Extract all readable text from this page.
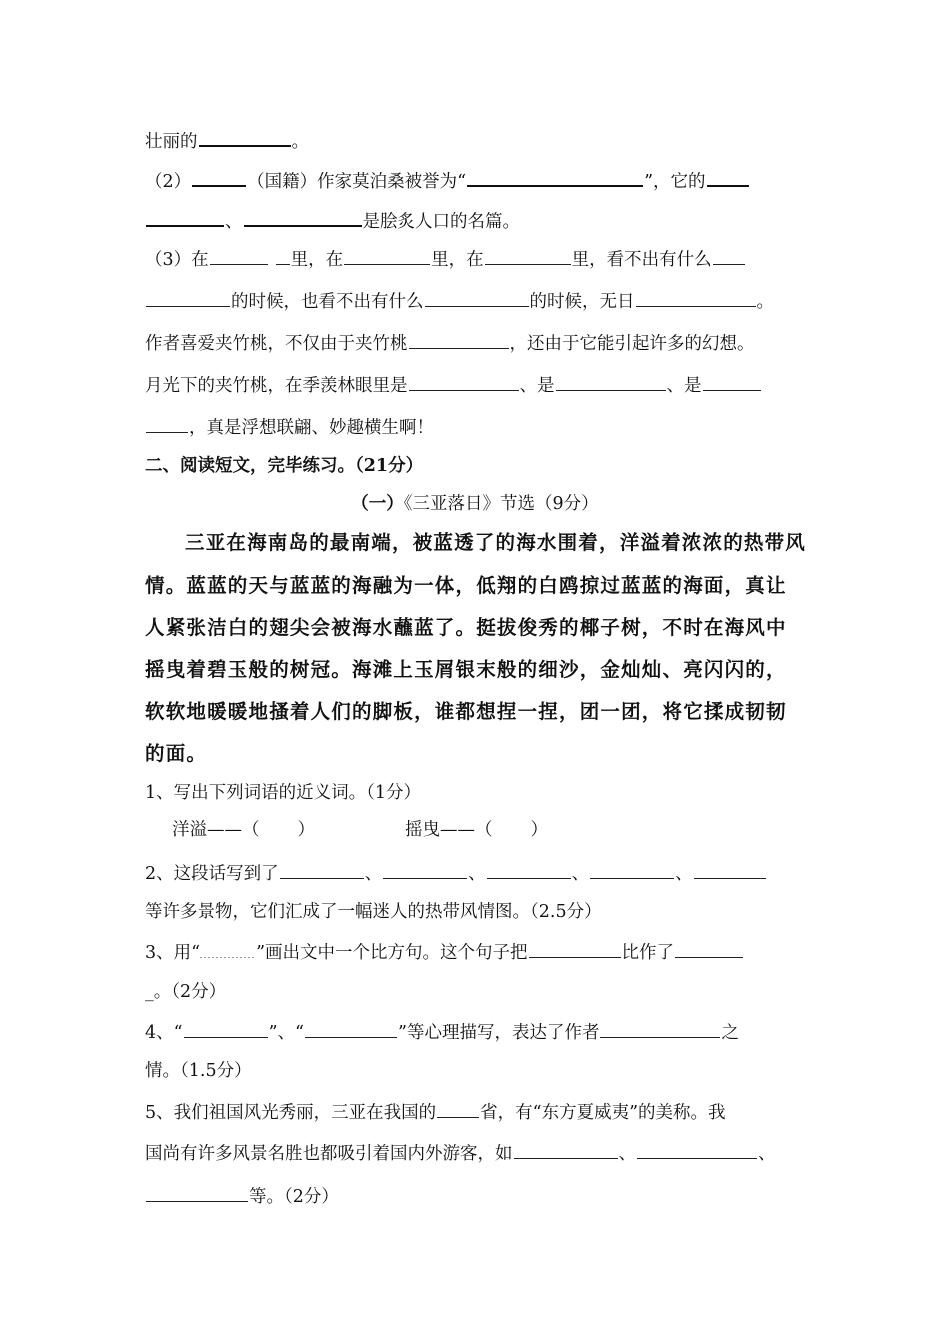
壮丽的	。
（2）	（国籍）作家莫泊桑被誉为“	”，它的
、	是脍炙人口的名篇。
（3）在	里，在	里，在	里，看不出有什么
的时候，也看不出有什么	的时候，无日	。
作者喜爱夹竹桃，不仅由于夹竹桃	，还由于它能引起许多的幻想。
月光下的夹竹桃，在季羡林眼里是	、是	、是
，真是浮想联翩、妙趣横生啊！
二、阅读短文，完毕练习。（21分）
（一）《三亚落日》节选（9分）
三亚在海南岛的最南端，被蓝透了的海水围着，洋溢着浓浓的热带风
情。蓝蓝的天与蓝蓝的海融为一体，低翔的白鸥掠过蓝蓝的海面，真让
人紧张洁白的翅尖会被海水蘸蓝了。挺拔俊秀的椰子树，不时在海风中
摇曳着碧玉般的树冠。海滩上玉屑银末般的细沙，金灿灿、亮闪闪的，
软软地暖暖地搔着人们的脚板，谁都想捏一捏，团一团，将它揉成韧韧
的面。
1、写出下列词语的近义词。（1分）
洋溢——（ ）	摇曳——（ ）
2、这段话写到了	、	、	、	、
等许多景物，它们汇成了一幅迷人的热带风情图。（2.5分）
3、用“	”画出文中一个比方句。这个句子把	比作了
_。（2分）
4、“	”、“	”等心理描写，表达了作者	之
情。（1.5分）
5、我们祖国风光秀丽，三亚在我国的	省，有“东方夏威夷”的美称。我
国尚有许多风景名胜也都吸引着国内外游客，如	、	、
等。（2分）
